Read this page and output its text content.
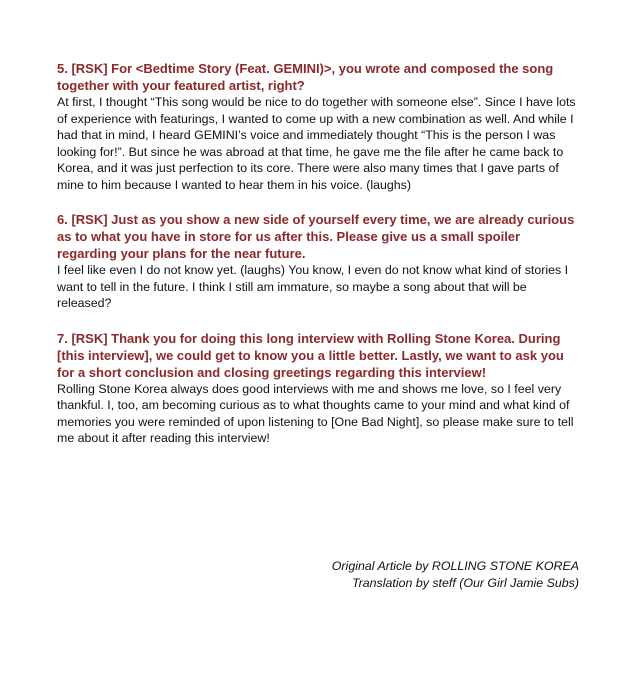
5. [RSK] For <Bedtime Story (Feat. GEMINI)>, you wrote and composed the song together with your featured artist, right?

At first, I thought “This song would be nice to do together with someone else”. Since I have lots of experience with featurings, I wanted to come up with a new combination as well. And while I had that in mind, I heard GEMINI’s voice and immediately thought “This is the person I was looking for!”. But since he was abroad at that time, he gave me the file after he came back to Korea, and it was just perfection to its core. There were also many times that I gave parts of mine to him because I wanted to hear them in his voice. (laughs)

6. [RSK] Just as you show a new side of yourself every time, we are already curious as to what you have in store for us after this. Please give us a small spoiler regarding your plans for the near future.

I feel like even I do not know yet. (laughs) You know, I even do not know what kind of stories I want to tell in the future. I think I still am immature, so maybe a song about that will be released?

7. [RSK] Thank you for doing this long interview with Rolling Stone Korea. During [this interview], we could get to know you a little better. Lastly, we want to ask you for a short conclusion and closing greetings regarding this interview!

Rolling Stone Korea always does good interviews with me and shows me love, so I feel very thankful. I, too, am becoming curious as to what thoughts came to your mind and what kind of memories you were reminded of upon listening to [One Bad Night], so please make sure to tell me about it after reading this interview!

Original Article by ROLLING STONE KOREA
Translation by steff (Our Girl Jamie Subs)
